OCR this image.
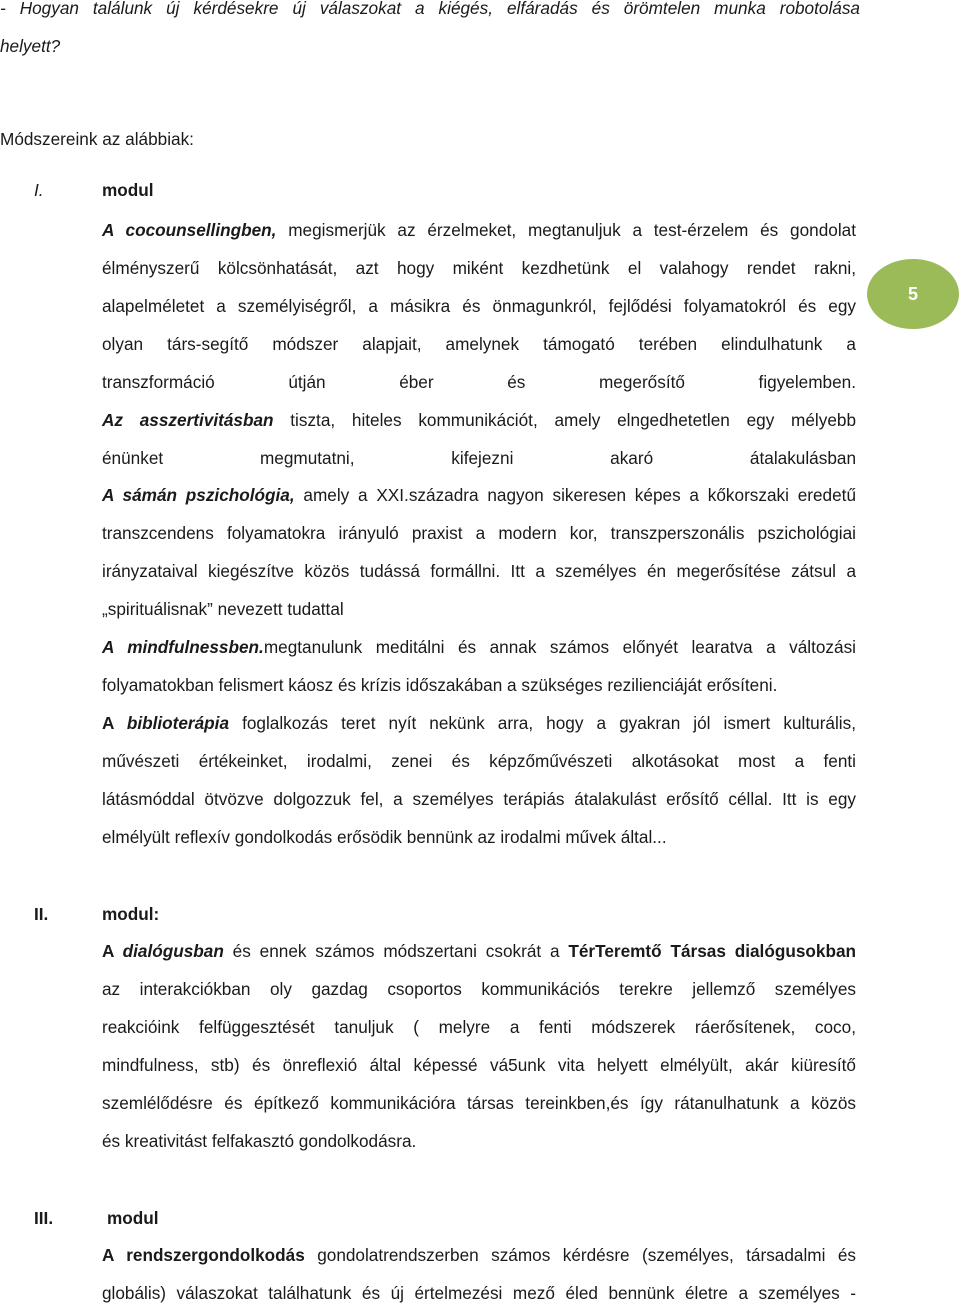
- Hogyan találunk új kérdésekre új válaszokat a kiégés, elfáradás és örömtelen munka robotolása
helyett?
Módszereink az alábbiak:
5
I.	modul
A cocounsellingben, megismerjük az érzelmeket, megtanuljuk a test-érzelem és gondolat
élményszerű kölcsönhatását, azt hogy miként kezdhetünk el valahogy rendet rakni,
alapelméletet a személyiségről, a másikra és önmagunkról, fejlődési folyamatokról és egy
olyan társ-segítő módszer alapjait, amelynek támogató terében elindulhatunk a
transzformáció útján éber és megerősítő figyelemben.
Az asszertivitásban tiszta, hiteles kommunikációt, amely elngedhetetlen egy mélyebb
énünket megmutatni, kifejezni akaró átalakulásban
A sámán pszichológia, amely a XXI.századra nagyon sikeresen képes a kőkorszaki eredetű
transzcendens folyamatokra irányuló praxist a modern kor, transzperszonális pszichológiai
irányzataival kiegészítve közös tudássá formállni. Itt a személyes én megerősítése zátsul a
„spirituálisnak” nevezett tudattal
A mindfulnessben.megtanulunk meditálni és annak számos előnyét learatva a változási
folyamatokban felismert káosz és krízis időszakában a szükséges rezilienciáját erősíteni.
A biblioterápia foglalkozás teret nyít nekünk arra, hogy a gyakran jól ismert kulturális,
művészeti értékeinket, irodalmi, zenei és képzőművészeti alkotásokat most a fenti
látásmóddal ötvözve dolgozzuk fel, a személyes terápiás átalakulást erősítő céllal. Itt is egy
elmélyült reflexív gondolkodás erősödik bennünk az irodalmi művek által...
II.	modul:
A dialógusban és ennek számos módszertani csokrát a TérTeremtő Társas dialógusokban
az interakciókban oly gazdag csoportos kommunikációs terekre jellemző személyes
reakcióink felfüggesztését tanuljuk ( melyre a fenti módszerek ráerősítenek, coco,
mindfulness, stb) és önreflexió által képessé vá5unk vita helyett elmélyült, akár kiüresítő
szemlélődésre és építkező kommunikációra társas tereinkben,és így rátanulhatunk a közös
és kreativitást felfakasztó gondolkodásra.
III.	modul
A rendszergondolkodás gondolatrendszerben számos kérdésre (személyes, társadalmi és
globális) válaszokat találhatunk és új értelmezési mező éled bennünk életre a személyes -
